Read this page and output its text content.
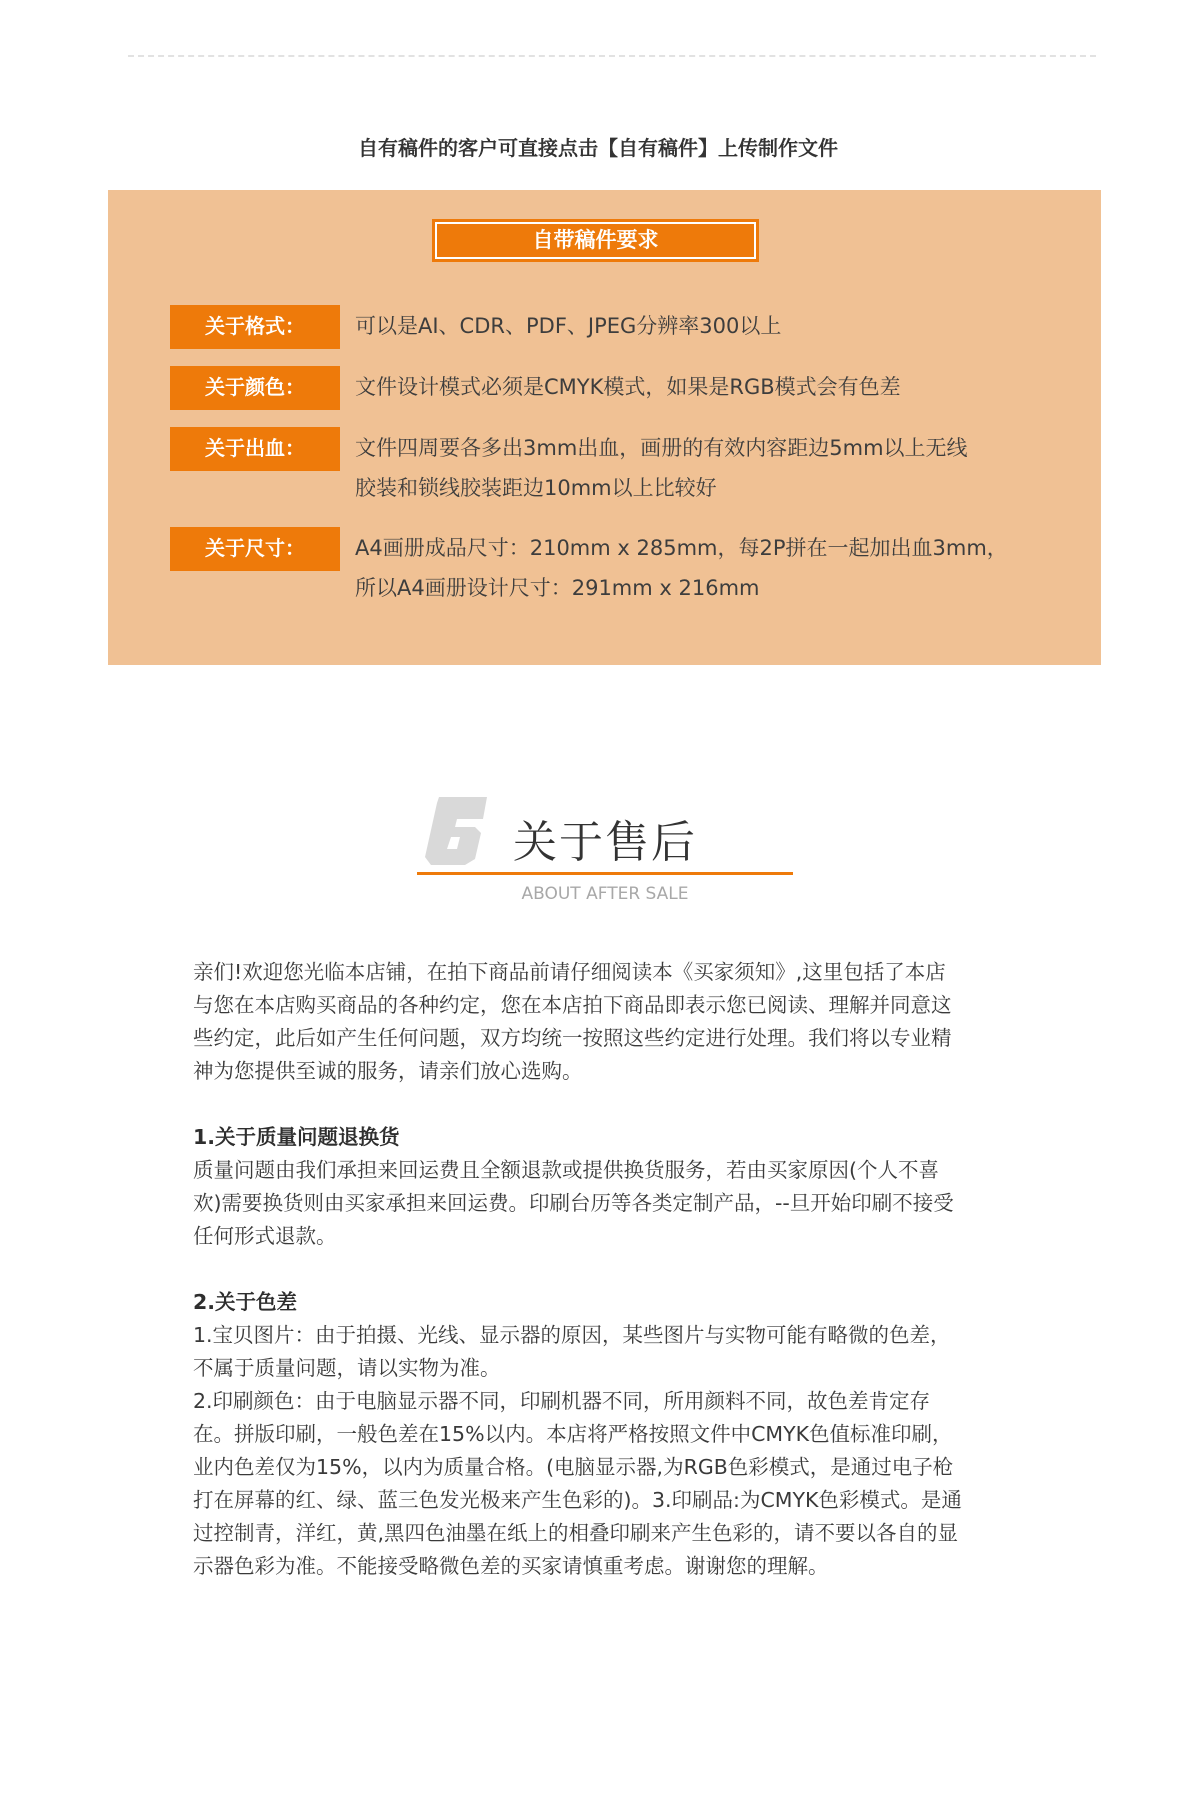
自有稿件的客户可直接点击【自有稿件】上传制作文件
自带稿件要求
关于格式：	可以是AI、CDR、PDF、JPEG分辨率300以上
关于颜色：	文件设计模式必须是CMYK模式，如果是RGB模式会有色差
关于出血：	文件四周要各多出3mm出血，画册的有效内容距边5mm以上无线
胶装和锁线胶装距边10mm以上比较好
关于尺寸：	A4画册成品尺寸：210mm x 285mm，每2P拼在一起加出血3mm，
所以A4画册设计尺寸：291mm x 216mm
关于售后
ABOUT AFTER SALE
亲们!欢迎您光临本店铺，在拍下商品前请仔细阅读本《买家须知》,这里包括了本店
与您在本店购买商品的各种约定，您在本店拍下商品即表示您已阅读、理解并同意这
些约定，此后如产生任何问题，双方均统一按照这些约定进行处理。我们将以专业精
神为您提供至诚的服务，请亲们放心选购。
1.关于质量问题退换货
质量问题由我们承担来回运费且全额退款或提供换货服务，若由买家原因(个人不喜
欢)需要换货则由买家承担来回运费。印刷台历等各类定制产品，--旦开始印刷不接受
任何形式退款。
2.关于色差
1.宝贝图片：由于拍摄、光线、显示器的原因，某些图片与实物可能有略微的色差，
不属于质量问题，请以实物为准。
2.印刷颜色：由于电脑显示器不同，印刷机器不同，所用颜料不同，故色差肯定存
在。拼版印刷，一般色差在15%以内。本店将严格按照文件中CMYK色值标准印刷，
业内色差仅为15%，以内为质量合格。(电脑显示器,为RGB色彩模式，是通过电子枪
打在屏幕的红、绿、蓝三色发光极来产生色彩的)。3.印刷品:为CMYK色彩模式。是通
过控制青，洋红，黄,黑四色油墨在纸上的相叠印刷来产生色彩的，请不要以各自的显
示器色彩为准。不能接受略微色差的买家请慎重考虑。谢谢您的理解。
